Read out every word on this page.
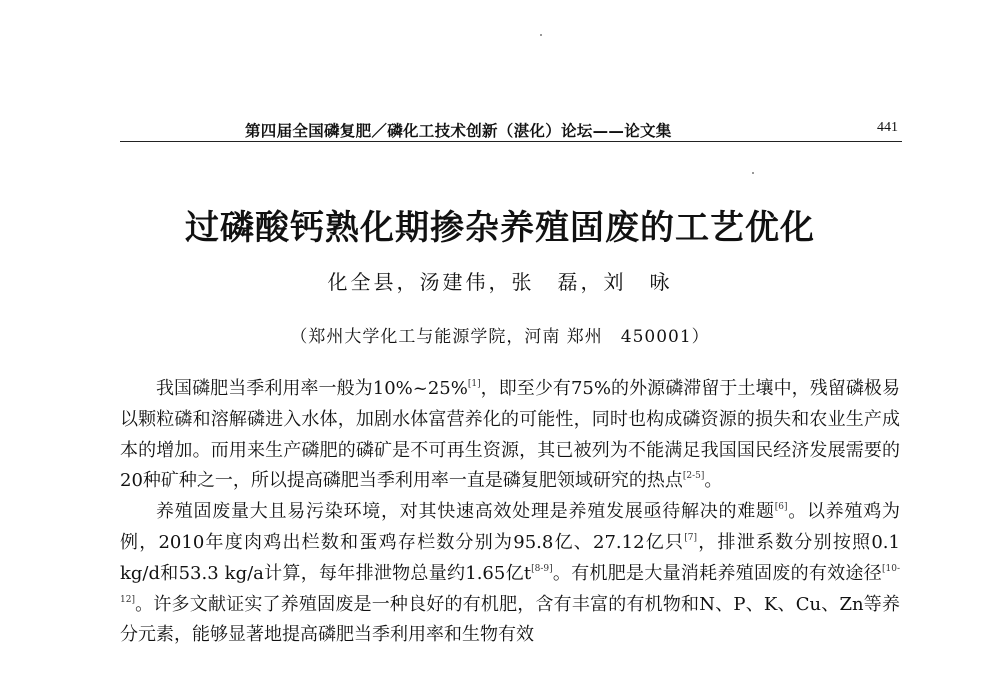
第四届全国磷复肥／磷化工技术创新（湛化）论坛——论文集	441
过磷酸钙熟化期掺杂养殖固废的工艺优化
化全县，汤建伟，张　磊，刘　咏
（郑州大学化工与能源学院，河南 郑州　450001）

我国磷肥当季利用率一般为10%~25%[1]，即至少有75%的外源磷滞留于土壤中，残留磷极易以颗粒磷和溶解磷进入水体，加剧水体富营养化的可能性，同时也构成磷资源的损失和农业生产成本的增加。而用来生产磷肥的磷矿是不可再生资源，其已被列为不能满足我国国民经济发展需要的20种矿种之一，所以提高磷肥当季利用率一直是磷复肥领域研究的热点[2-5]。

养殖固废量大且易污染环境，对其快速高效处理是养殖发展亟待解决的难题[6]。以养殖鸡为例，2010年度肉鸡出栏数和蛋鸡存栏数分别为95.8亿、27.12亿只[7]，排泄系数分别按照0.1 kg/d和53.3 kg/a计算，每年排泄物总量约1.65亿t[8-9]。有机肥是大量消耗养殖固废的有效途径[10-12]。许多文献证实了养殖固废是一种良好的有机肥，含有丰富的有机物和N、P、K、Cu、Zn等养分元素，能够显著地提高磷肥当季利用率和生物有效
